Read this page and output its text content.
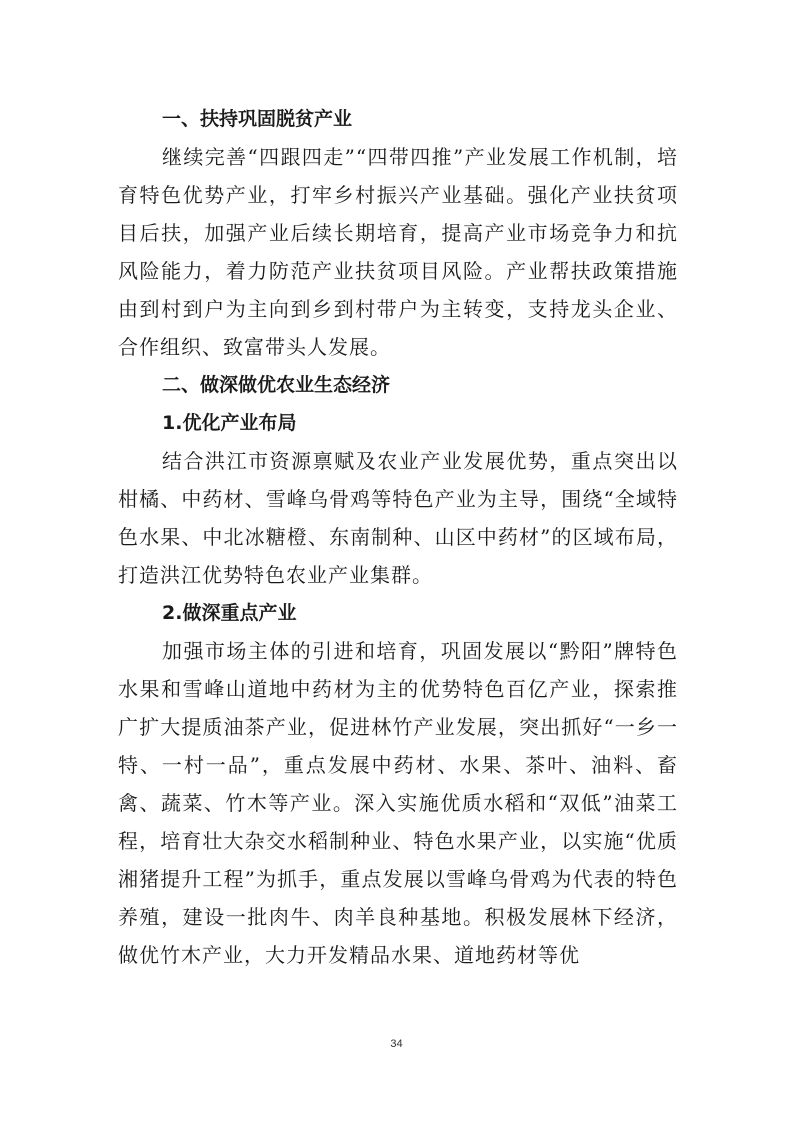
一、扶持巩固脱贫产业

继续完善“四跟四走”“四带四推”产业发展工作机制，培育特色优势产业，打牢乡村振兴产业基础。强化产业扶贫项目后扶，加强产业后续长期培育，提高产业市场竞争力和抗风险能力，着力防范产业扶贫项目风险。产业帮扶政策措施由到村到户为主向到乡到村带户为主转变，支持龙头企业、合作组织、致富带头人发展。

二、做深做优农业生态经济
1.优化产业布局

结合洪江市资源禀赋及农业产业发展优势，重点突出以柑橘、中药材、雪峰乌骨鸡等特色产业为主导，围绕“全域特色水果、中北冰糖橙、东南制种、山区中药材”的区域布局，打造洪江优势特色农业产业集群。

2.做深重点产业

加强市场主体的引进和培育，巩固发展以“黔阳”牌特色水果和雪峰山道地中药材为主的优势特色百亿产业，探索推广扩大提质油茶产业，促进林竹产业发展，突出抓好“一乡一特、一村一品”，重点发展中药材、水果、茶叶、油料、畜禽、蔬菜、竹木等产业。深入实施优质水稻和“双低”油菜工程，培育壮大杂交水稻制种业、特色水果产业，以实施“优质湘猪提升工程”为抓手，重点发展以雪峰乌骨鸡为代表的特色养殖，建设一批肉牛、肉羊良种基地。积极发展林下经济，做优竹木产业，大力开发精品水果、道地药材等优

34
